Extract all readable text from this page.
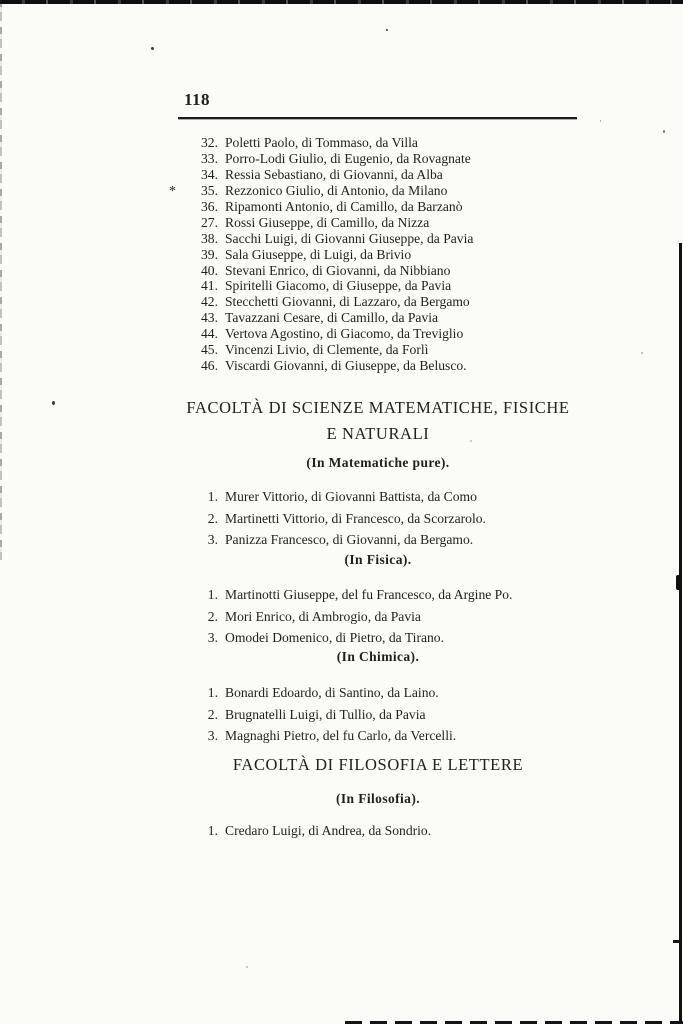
118
*
32. Poletti Paolo, di Tommaso, da Villa
33. Porro-Lodi Giulio, di Eugenio, da Rovagnate
34. Ressia Sebastiano, di Giovanni, da Alba
35. Rezzonico Giulio, di Antonio, da Milano
36. Ripamonti Antonio, di Camillo, da Barzanò
27. Rossi Giuseppe, di Camillo, da Nizza
38. Sacchi Luigi, di Giovanni Giuseppe, da Pavia
39. Sala Giuseppe, di Luigi, da Brivio
40. Stevani Enrico, di Giovanni, da Nibbiano
41. Spiritelli Giacomo, di Giuseppe, da Pavia
42. Stecchetti Giovanni, di Lazzaro, da Bergamo
43. Tavazzani Cesare, di Camillo, da Pavia
44. Vertova Agostino, di Giacomo, da Treviglio
45. Vincenzi Livio, di Clemente, da Forlì
46. Viscardi Giovanni, di Giuseppe, da Belusco.
FACOLTÀ DI SCIENZE MATEMATICHE, FISICHE
E NATURALI
(In Matematiche pure).
1. Murer Vittorio, di Giovanni Battista, da Como
2. Martinetti Vittorio, di Francesco, da Scorzarolo.
3. Panizza Francesco, di Giovanni, da Bergamo.
(In Fisica).
1. Martinotti Giuseppe, del fu Francesco, da Argine Po.
2. Mori Enrico, di Ambrogio, da Pavia
3. Omodei Domenico, di Pietro, da Tirano.
(In Chimica).
1. Bonardi Edoardo, di Santino, da Laino.
2. Brugnatelli Luigi, di Tullio, da Pavia
3. Magnaghi Pietro, del fu Carlo, da Vercelli.
FACOLTÀ DI FILOSOFIA E LETTERE
(In Filosofia).
1. Credaro Luigi, di Andrea, da Sondrio.
